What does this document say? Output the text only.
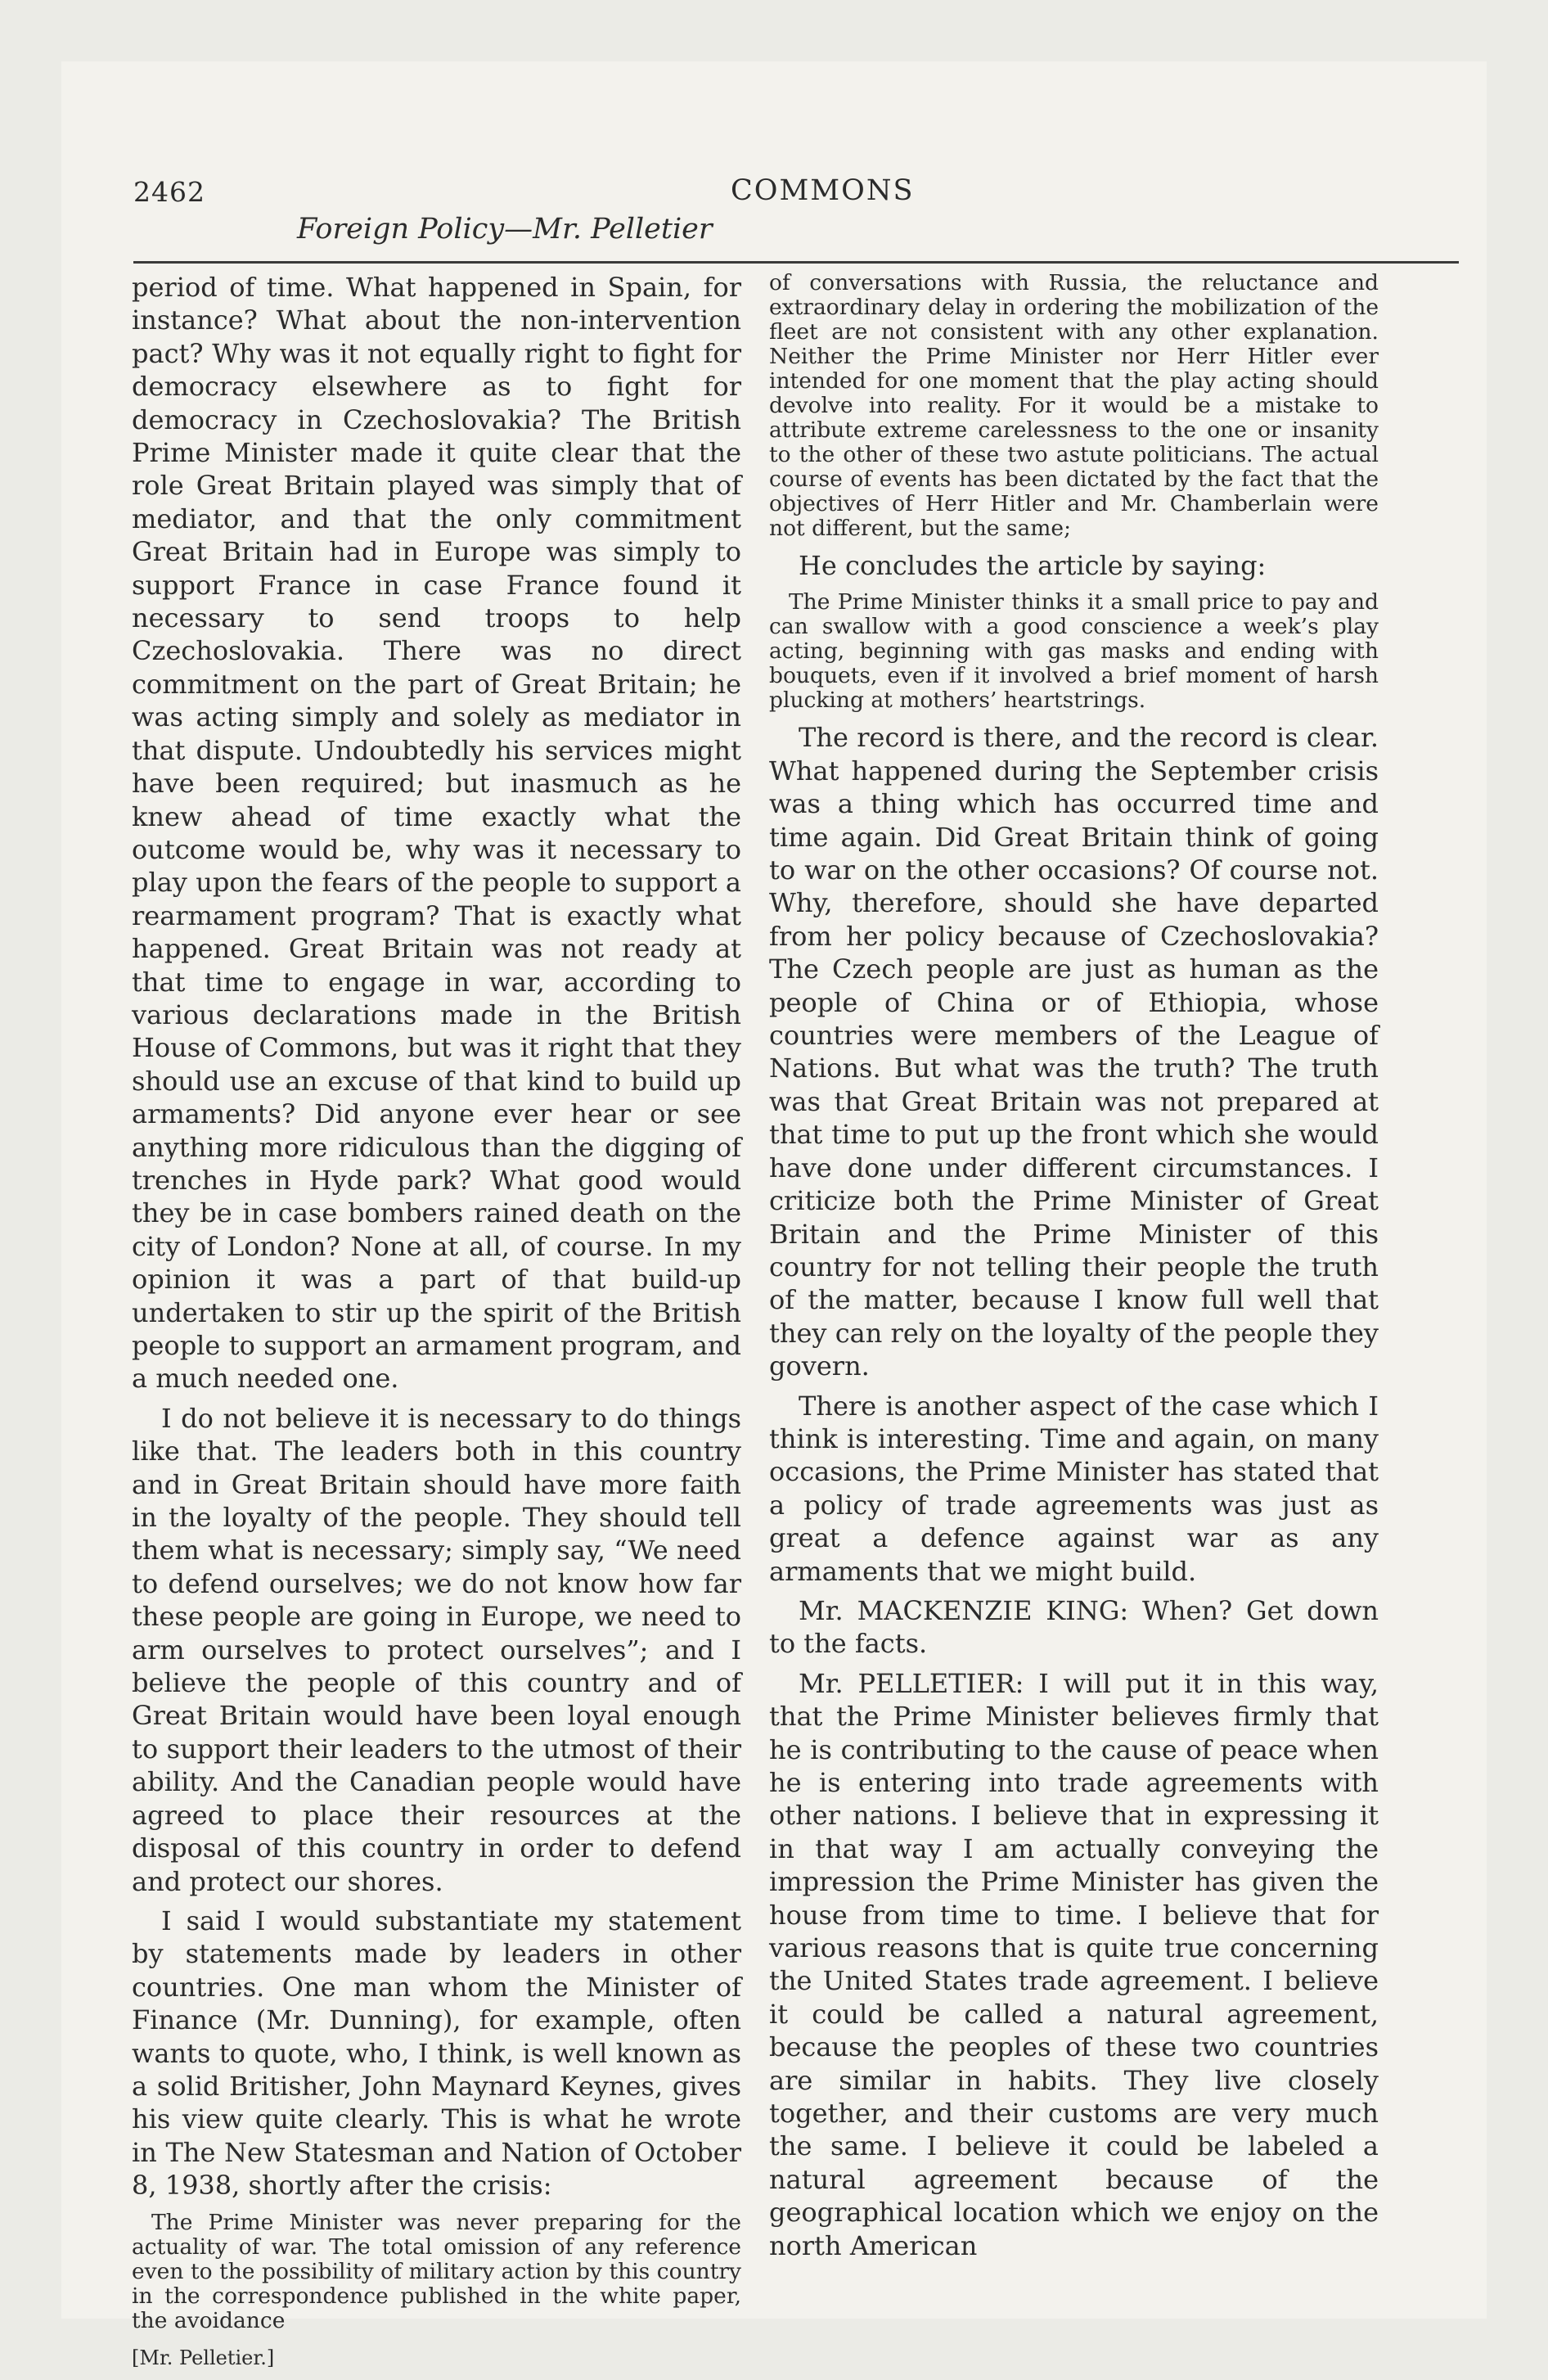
2462
Foreign Policy—Mr. Pelletier
COMMONS

period of time. What happened in Spain, for instance? What about the non-intervention pact? Why was it not equally right to fight for democracy elsewhere as to fight for democracy in Czechoslovakia? The British Prime Minister made it quite clear that the role Great Britain played was simply that of mediator, and that the only commitment Great Britain had in Europe was simply to support France in case France found it necessary to send troops to help Czechoslovakia. There was no direct commitment on the part of Great Britain; he was acting simply and solely as mediator in that dispute. Undoubtedly his services might have been required; but inasmuch as he knew ahead of time exactly what the outcome would be, why was it necessary to play upon the fears of the people to support a rearmament program? That is exactly what happened. Great Britain was not ready at that time to engage in war, according to various declarations made in the British House of Commons, but was it right that they should use an excuse of that kind to build up armaments? Did anyone ever hear or see anything more ridiculous than the digging of trenches in Hyde park? What good would they be in case bombers rained death on the city of London? None at all, of course. In my opinion it was a part of that build-up undertaken to stir up the spirit of the British people to support an armament program, and a much needed one.

I do not believe it is necessary to do things like that. The leaders both in this country and in Great Britain should have more faith in the loyalty of the people. They should tell them what is necessary; simply say, “We need to defend ourselves; we do not know how far these people are going in Europe, we need to arm ourselves to protect ourselves”; and I believe the people of this country and of Great Britain would have been loyal enough to support their leaders to the utmost of their ability. And the Canadian people would have agreed to place their resources at the disposal of this country in order to defend and protect our shores.

I said I would substantiate my statement by statements made by leaders in other countries. One man whom the Minister of Finance (Mr. Dunning), for example, often wants to quote, who, I think, is well known as a solid Britisher, John Maynard Keynes, gives his view quite clearly. This is what he wrote in The New Statesman and Nation of October 8, 1938, shortly after the crisis:

The Prime Minister was never preparing for the actuality of war. The total omission of any reference even to the possibility of military action by this country in the correspondence published in the white paper, the avoidance

[Mr. Pelletier.]

of conversations with Russia, the reluctance and extraordinary delay in ordering the mobilization of the fleet are not consistent with any other explanation. Neither the Prime Minister nor Herr Hitler ever intended for one moment that the play acting should devolve into reality. For it would be a mistake to attribute extreme carelessness to the one or insanity to the other of these two astute politicians. The actual course of events has been dictated by the fact that the objectives of Herr Hitler and Mr. Chamberlain were not different, but the same;

He concludes the article by saying:

The Prime Minister thinks it a small price to pay and can swallow with a good conscience a week’s play acting, beginning with gas masks and ending with bouquets, even if it involved a brief moment of harsh plucking at mothers’ heartstrings.

The record is there, and the record is clear. What happened during the September crisis was a thing which has occurred time and time again. Did Great Britain think of going to war on the other occasions? Of course not. Why, therefore, should she have departed from her policy because of Czechoslovakia? The Czech people are just as human as the people of China or of Ethiopia, whose countries were members of the League of Nations. But what was the truth? The truth was that Great Britain was not prepared at that time to put up the front which she would have done under different circumstances. I criticize both the Prime Minister of Great Britain and the Prime Minister of this country for not telling their people the truth of the matter, because I know full well that they can rely on the loyalty of the people they govern.

There is another aspect of the case which I think is interesting. Time and again, on many occasions, the Prime Minister has stated that a policy of trade agreements was just as great a defence against war as any armaments that we might build.

Mr. MACKENZIE KING: When? Get down to the facts.

Mr. PELLETIER: I will put it in this way, that the Prime Minister believes firmly that he is contributing to the cause of peace when he is entering into trade agreements with other nations. I believe that in expressing it in that way I am actually conveying the impression the Prime Minister has given the house from time to time. I believe that for various reasons that is quite true concerning the United States trade agreement. I believe it could be called a natural agreement, because the peoples of these two countries are similar in habits. They live closely together, and their customs are very much the same. I believe it could be labeled a natural agreement because of the geographical location which we enjoy on the north American
